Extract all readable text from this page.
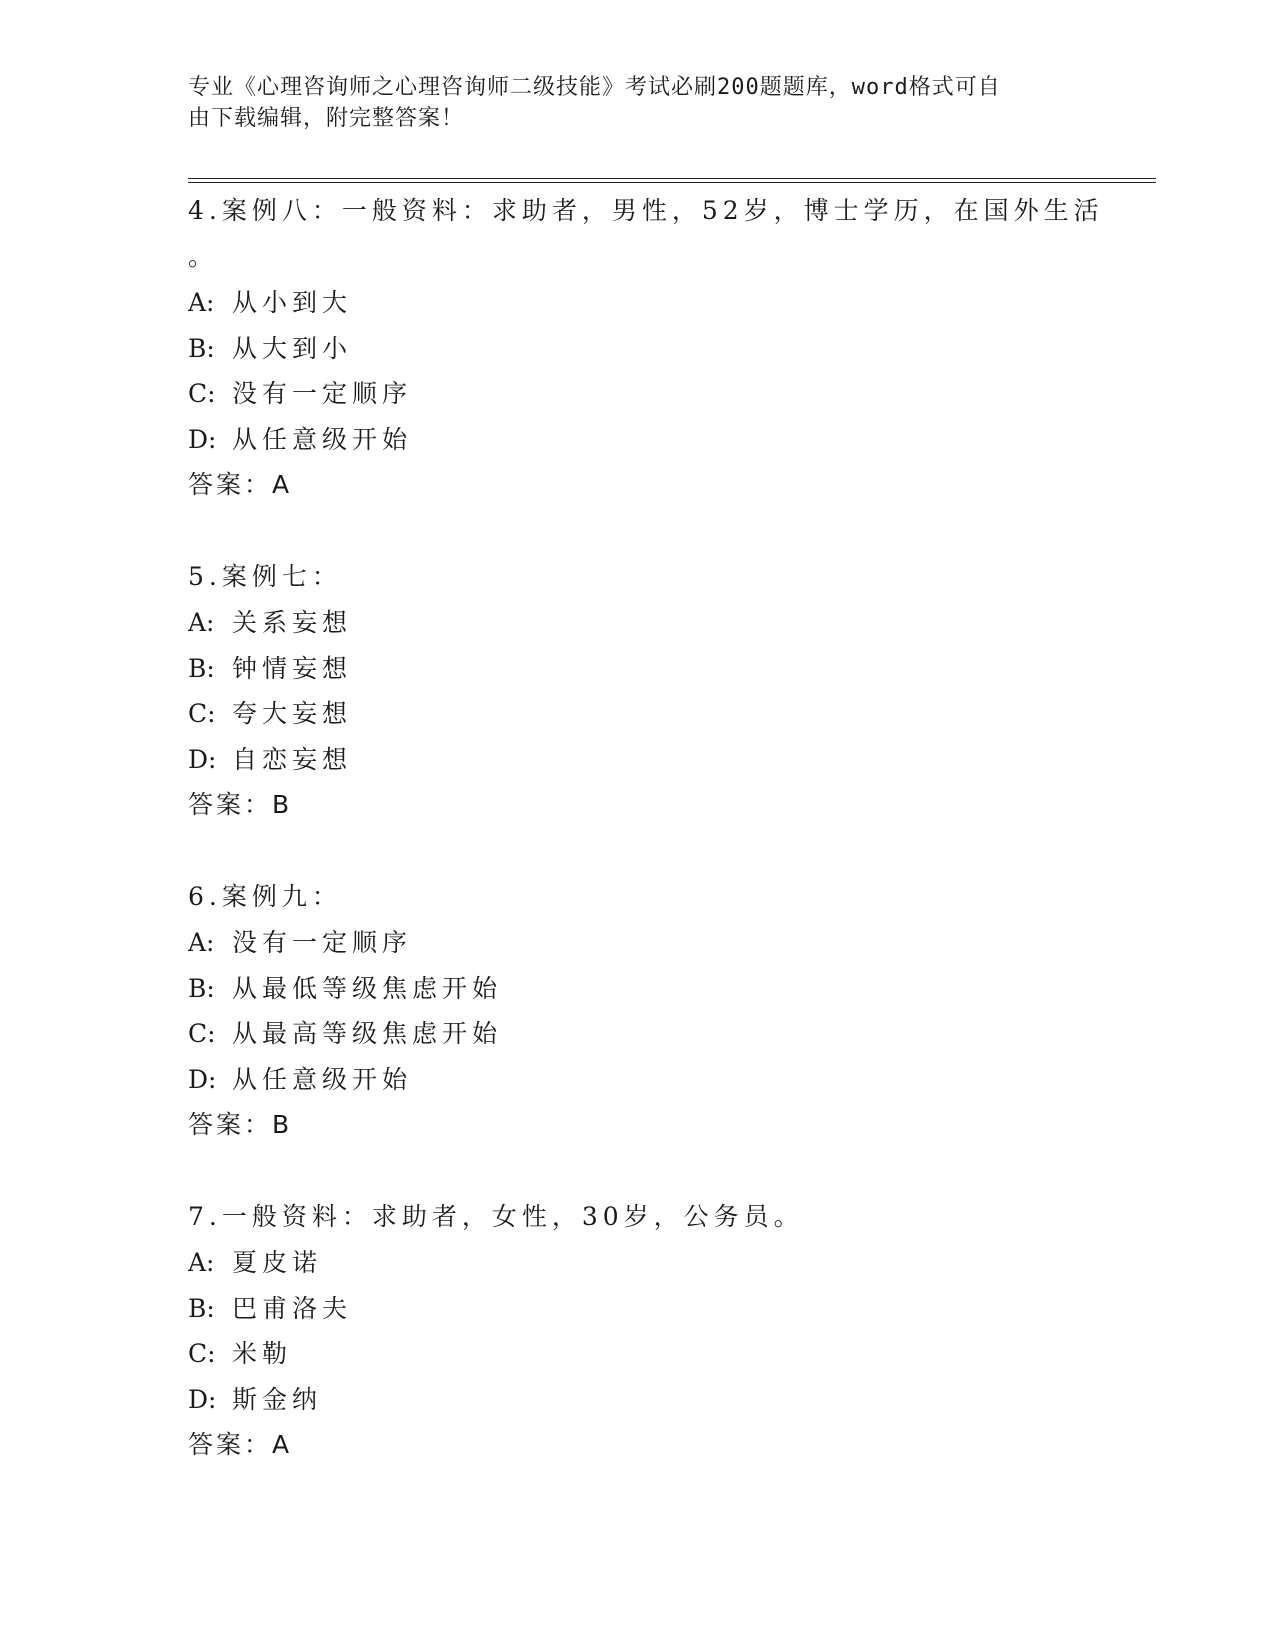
专业《心理咨询师之心理咨询师二级技能》考试必刷200题题库，word格式可自
由下载编辑，附完整答案！
4.案例八：一般资料：求助者，男性，52岁，博士学历，在国外生活
。
A: 从小到大
B: 从大到小
C: 没有一定顺序
D: 从任意级开始
答案：A
5.案例七：
A: 关系妄想
B: 钟情妄想
C: 夸大妄想
D: 自恋妄想
答案：B
6.案例九：
A: 没有一定顺序
B: 从最低等级焦虑开始
C: 从最高等级焦虑开始
D: 从任意级开始
答案：B
7.一般资料：求助者，女性，30岁，公务员。
A: 夏皮诺
B: 巴甫洛夫
C: 米勒
D: 斯金纳
答案：A
